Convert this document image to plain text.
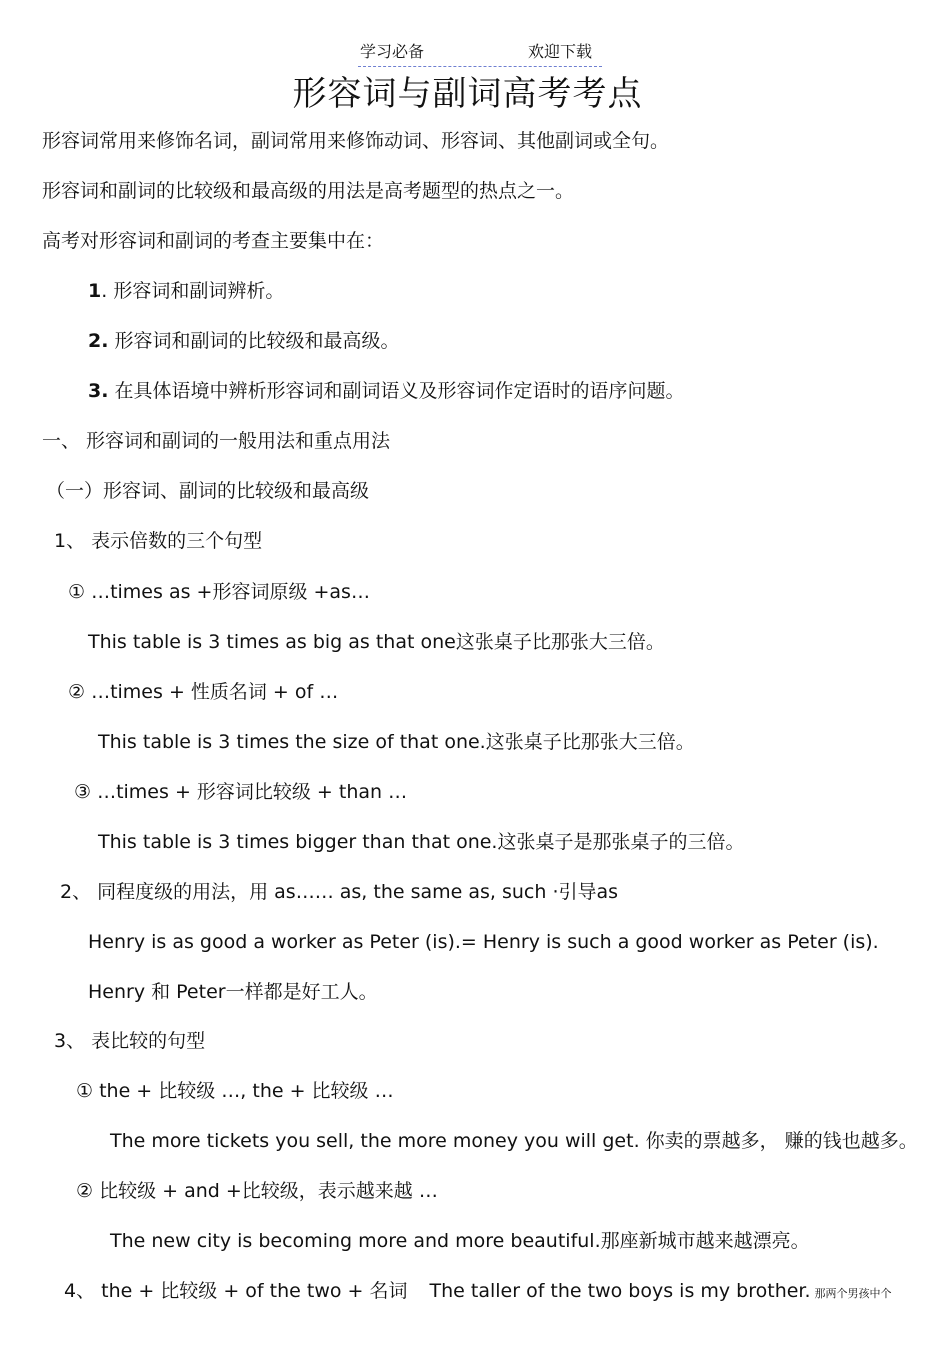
学习必备	欢迎下载
形容词与副词高考考点
形容词常用来修饰名词，副词常用来修饰动词、形容词、其他副词或全句。
形容词和副词的比较级和最高级的用法是高考题型的热点之一。
高考对形容词和副词的考查主要集中在：
1. 形容词和副词辨析。
2. 形容词和副词的比较级和最高级。
3. 在具体语境中辨析形容词和副词语义及形容词作定语时的语序问题。
一、 形容词和副词的一般用法和重点用法
（一）形容词、副词的比较级和最高级
1、 表示倍数的三个句型
① …times as +形容词原级 +as…
This table is 3 times as big as that one这张桌子比那张大三倍。
② …times + 性质名词 + of …
This table is 3 times the size of that one.这张桌子比那张大三倍。
③ …times + 形容词比较级 + than …
This table is 3 times bigger than that one.这张桌子是那张桌子的三倍。
2、 同程度级的用法，用 as…… as, the same as, such ·引导as
Henry is as good a worker as Peter (is).= Henry is such a good worker as Peter (is).
Henry 和 Peter一样都是好工人。
3、 表比较的句型
① the + 比较级 …, the + 比较级 …
The more tickets you sell, the more money you will get. 你卖的票越多， 赚的钱也越多。
② 比较级 + and +比较级，表示越来越 …
The new city is becoming more and more beautiful.那座新城市越来越漂亮。
4、 the + 比较级 + of the two + 名词 The taller of the two boys is my brother. 那两个男孩中个
